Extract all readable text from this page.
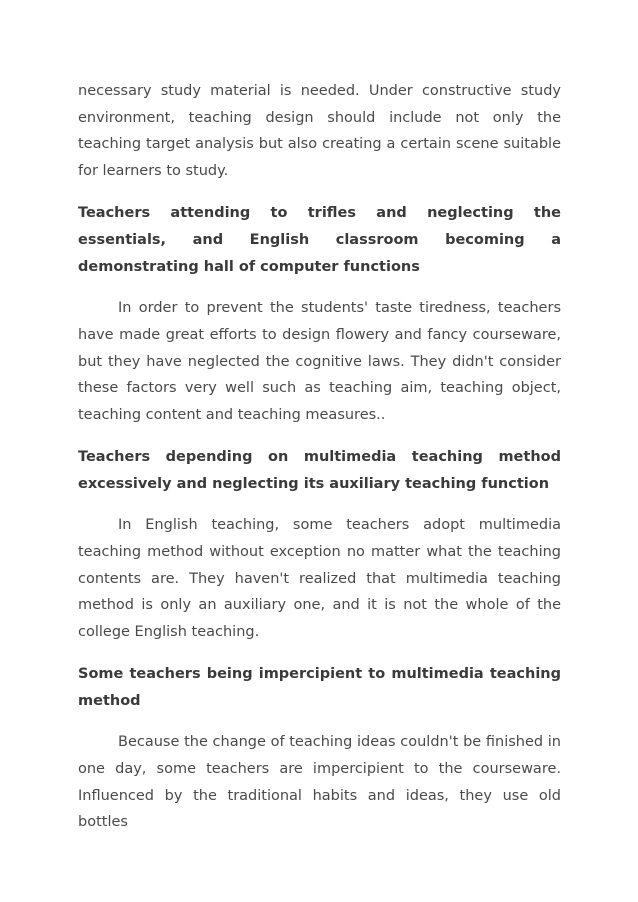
necessary study material is needed. Under constructive study environment, teaching design should include not only the teaching target analysis but also creating a certain scene suitable for learners to study.

Teachers attending to trifles and neglecting the essentials, and English classroom becoming a demonstrating hall of computer functions

In order to prevent the students' taste tiredness, teachers have made great efforts to design flowery and fancy courseware, but they have neglected the cognitive laws. They didn't consider these factors very well such as teaching aim, teaching object, teaching content and teaching measures..

Teachers depending on multimedia teaching method excessively and neglecting its auxiliary teaching function

In English teaching, some teachers adopt multimedia teaching method without exception no matter what the teaching contents are. They haven't realized that multimedia teaching method is only an auxiliary one, and it is not the whole of the college English teaching.

Some teachers being impercipient to multimedia teaching method

Because the change of teaching ideas couldn't be finished in one day, some teachers are impercipient to the courseware. Influenced by the traditional habits and ideas, they use old bottles
